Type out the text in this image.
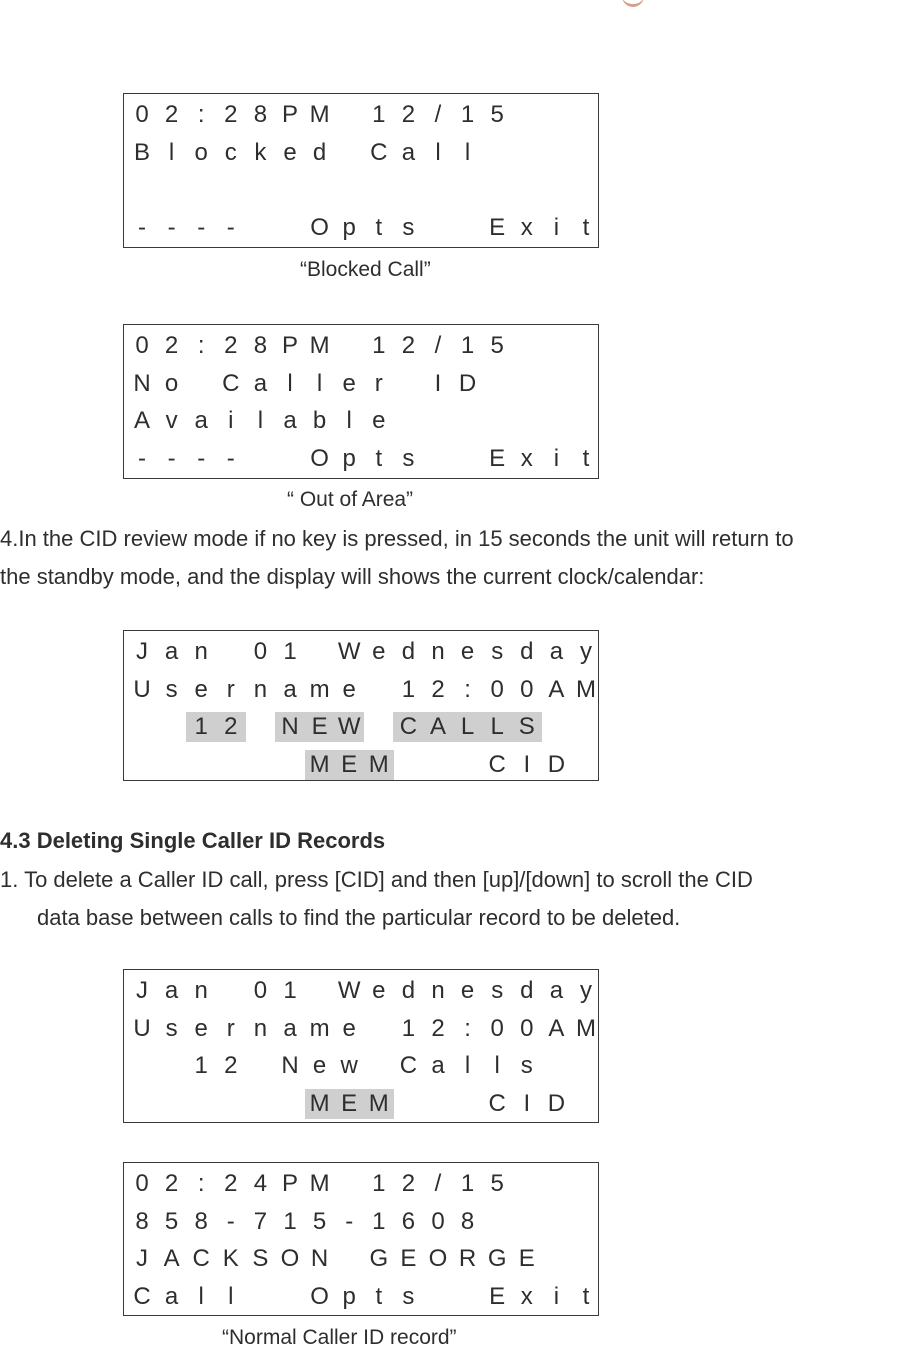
0 2 : 2 8 P M	1 2 / 1 5
B l o c k e d	C a l	l
- - - -	O p t s	E x i t
“Blocked Call”
0 2 : 2 8 P M	1 2 / 1 5
N o	C a l	l e r	I D
A v a i	l a b l e
- - - -	O p t s	E x i t
“ Out of Area”
4.In the CID review mode if no key is pressed, in 15 seconds the unit will return to
the standby mode, and the display will shows the current clock/calendar:
J a n	0 1	W e d n e s d a y
U s e r n a m e	1 2 : 0 0 A M
1 2	N E W C A L L S
M E M	C I D
4.3 Deleting Single Caller ID Records
1. To delete a Caller ID call, press [CID] and then [up]/[down] to scroll the CID
data base between calls to find the particular record to be deleted.
J a n	0 1	W e d n e s d a y
U s e r n a m e	1 2 : 0 0 A M
1 2	N e w C a l	l s
M E M	C I D
0 2 : 2 4 P M	1 2 / 1 5
8 5 8 - 7 1 5 - 1 6 0 8
J A C K S O N G E O R G E
C a l	l	O p t s	E x i t
“Normal Caller ID record”
